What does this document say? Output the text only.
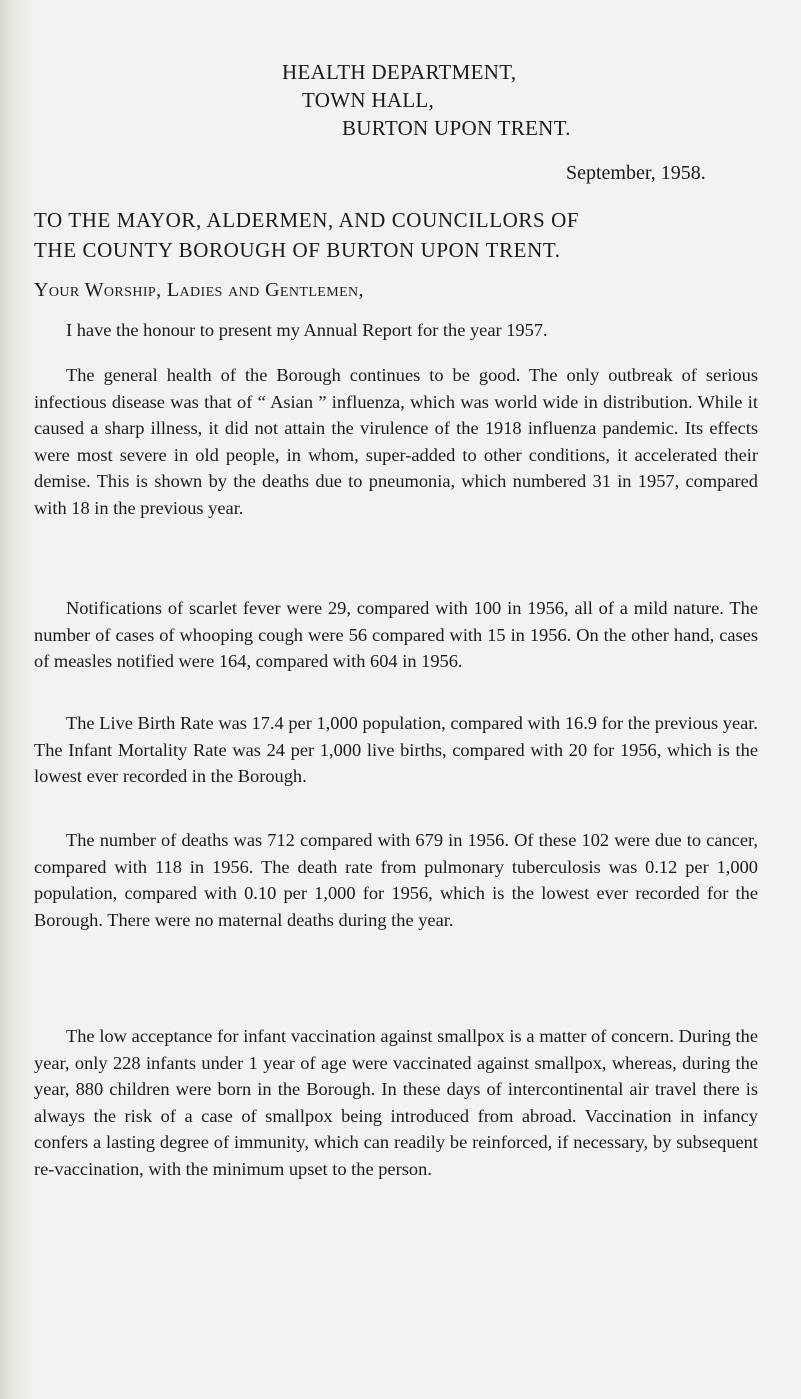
HEALTH DEPARTMENT,
TOWN HALL,
BURTON UPON TRENT.
September, 1958.
TO THE MAYOR, ALDERMEN, AND COUNCILLORS OF
THE COUNTY BOROUGH OF BURTON UPON TRENT.
Your Worship, Ladies and Gentlemen,

I have the honour to present my Annual Report for the year 1957.

The general health of the Borough continues to be good. The only outbreak of serious infectious disease was that of “ Asian ” influenza, which was world wide in distribution. While it caused a sharp illness, it did not attain the virulence of the 1918 influenza pandemic. Its effects were most severe in old people, in whom, super-added to other conditions, it accelerated their demise. This is shown by the deaths due to pneumonia, which numbered 31 in 1957, compared with 18 in the previous year.

Notifications of scarlet fever were 29, compared with 100 in 1956, all of a mild nature. The number of cases of whooping cough were 56 compared with 15 in 1956. On the other hand, cases of measles notified were 164, compared with 604 in 1956.

The Live Birth Rate was 17.4 per 1,000 population, compared with 16.9 for the previous year. The Infant Mortality Rate was 24 per 1,000 live births, compared with 20 for 1956, which is the lowest ever recorded in the Borough.

The number of deaths was 712 compared with 679 in 1956. Of these 102 were due to cancer, compared with 118 in 1956. The death rate from pulmonary tuberculosis was 0.12 per 1,000 population, compared with 0.10 per 1,000 for 1956, which is the lowest ever recorded for the Borough. There were no maternal deaths during the year.

The low acceptance for infant vaccination against smallpox is a matter of concern. During the year, only 228 infants under 1 year of age were vaccinated against smallpox, whereas, during the year, 880 children were born in the Borough. In these days of intercontinental air travel there is always the risk of a case of smallpox being introduced from abroad. Vaccination in infancy confers a lasting degree of immunity, which can readily be reinforced, if necessary, by subsequent re-vaccination, with the minimum upset to the person.
